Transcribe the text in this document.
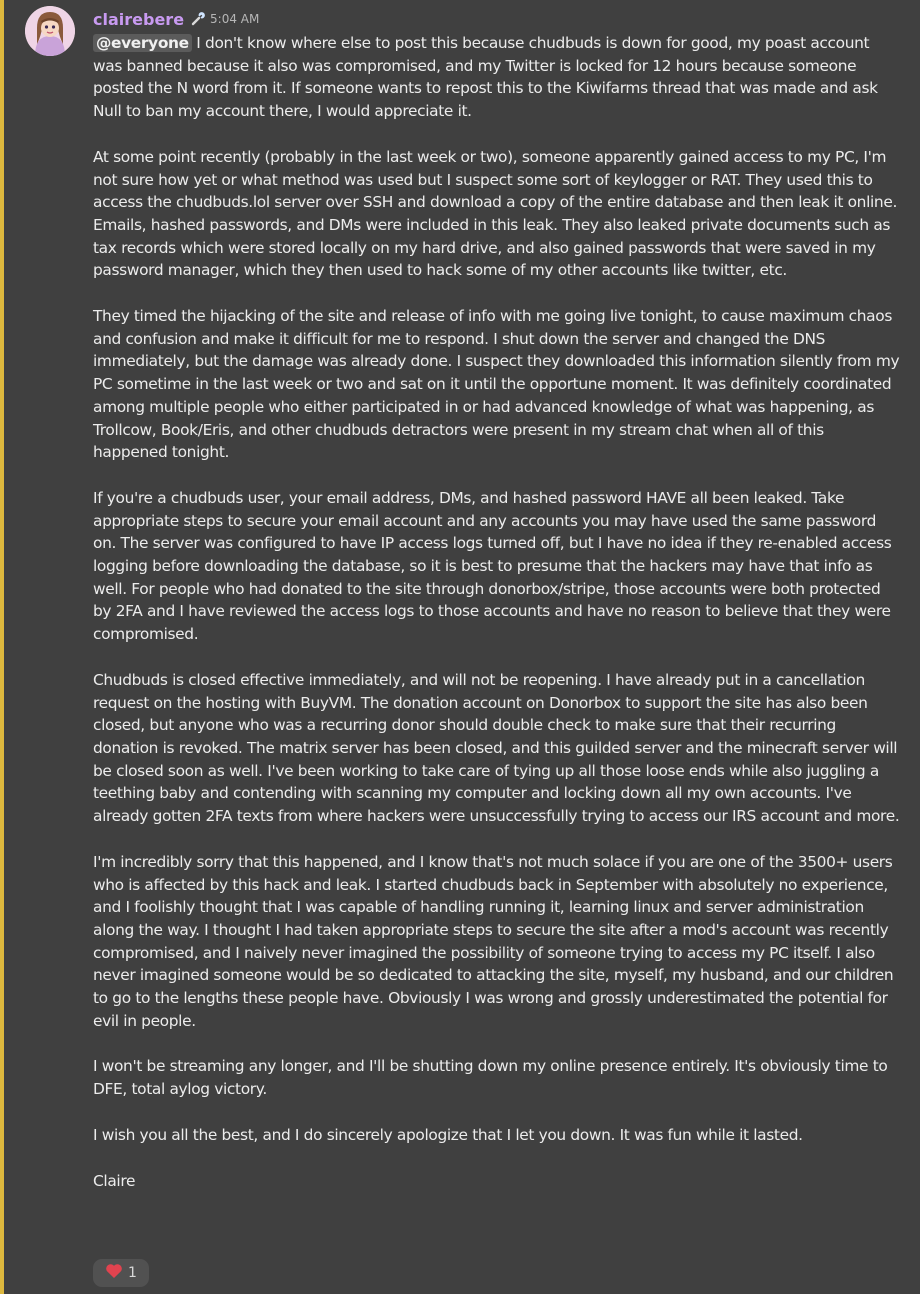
clairebere 5:04 AM

@everyone I don't know where else to post this because chudbuds is down for good, my poast account was banned because it also was compromised, and my Twitter is locked for 12 hours because someone posted the N word from it. If someone wants to repost this to the Kiwifarms thread that was made and ask Null to ban my account there, I would appreciate it.

At some point recently (probably in the last week or two), someone apparently gained access to my PC, I'm not sure how yet or what method was used but I suspect some sort of keylogger or RAT. They used this to access the chudbuds.lol server over SSH and download a copy of the entire database and then leak it online. Emails, hashed passwords, and DMs were included in this leak. They also leaked private documents such as tax records which were stored locally on my hard drive, and also gained passwords that were saved in my password manager, which they then used to hack some of my other accounts like twitter, etc.

They timed the hijacking of the site and release of info with me going live tonight, to cause maximum chaos and confusion and make it difficult for me to respond. I shut down the server and changed the DNS immediately, but the damage was already done. I suspect they downloaded this information silently from my PC sometime in the last week or two and sat on it until the opportune moment. It was definitely coordinated among multiple people who either participated in or had advanced knowledge of what was happening, as Trollcow, Book/Eris, and other chudbuds detractors were present in my stream chat when all of this happened tonight.

If you're a chudbuds user, your email address, DMs, and hashed password HAVE all been leaked. Take appropriate steps to secure your email account and any accounts you may have used the same password on. The server was configured to have IP access logs turned off, but I have no idea if they re-enabled access logging before downloading the database, so it is best to presume that the hackers may have that info as well. For people who had donated to the site through donorbox/stripe, those accounts were both protected by 2FA and I have reviewed the access logs to those accounts and have no reason to believe that they were compromised.

Chudbuds is closed effective immediately, and will not be reopening. I have already put in a cancellation request on the hosting with BuyVM. The donation account on Donorbox to support the site has also been closed, but anyone who was a recurring donor should double check to make sure that their recurring donation is revoked. The matrix server has been closed, and this guilded server and the minecraft server will be closed soon as well. I've been working to take care of tying up all those loose ends while also juggling a teething baby and contending with scanning my computer and locking down all my own accounts. I've already gotten 2FA texts from where hackers were unsuccessfully trying to access our IRS account and more.

I'm incredibly sorry that this happened, and I know that's not much solace if you are one of the 3500+ users who is affected by this hack and leak. I started chudbuds back in September with absolutely no experience, and I foolishly thought that I was capable of handling running it, learning linux and server administration along the way. I thought I had taken appropriate steps to secure the site after a mod's account was recently compromised, and I naively never imagined the possibility of someone trying to access my PC itself. I also never imagined someone would be so dedicated to attacking the site, myself, my husband, and our children to go to the lengths these people have. Obviously I was wrong and grossly underestimated the potential for evil in people.

I won't be streaming any longer, and I'll be shutting down my online presence entirely. It's obviously time to DFE, total aylog victory.

I wish you all the best, and I do sincerely apologize that I let you down. It was fun while it lasted.

Claire

1
